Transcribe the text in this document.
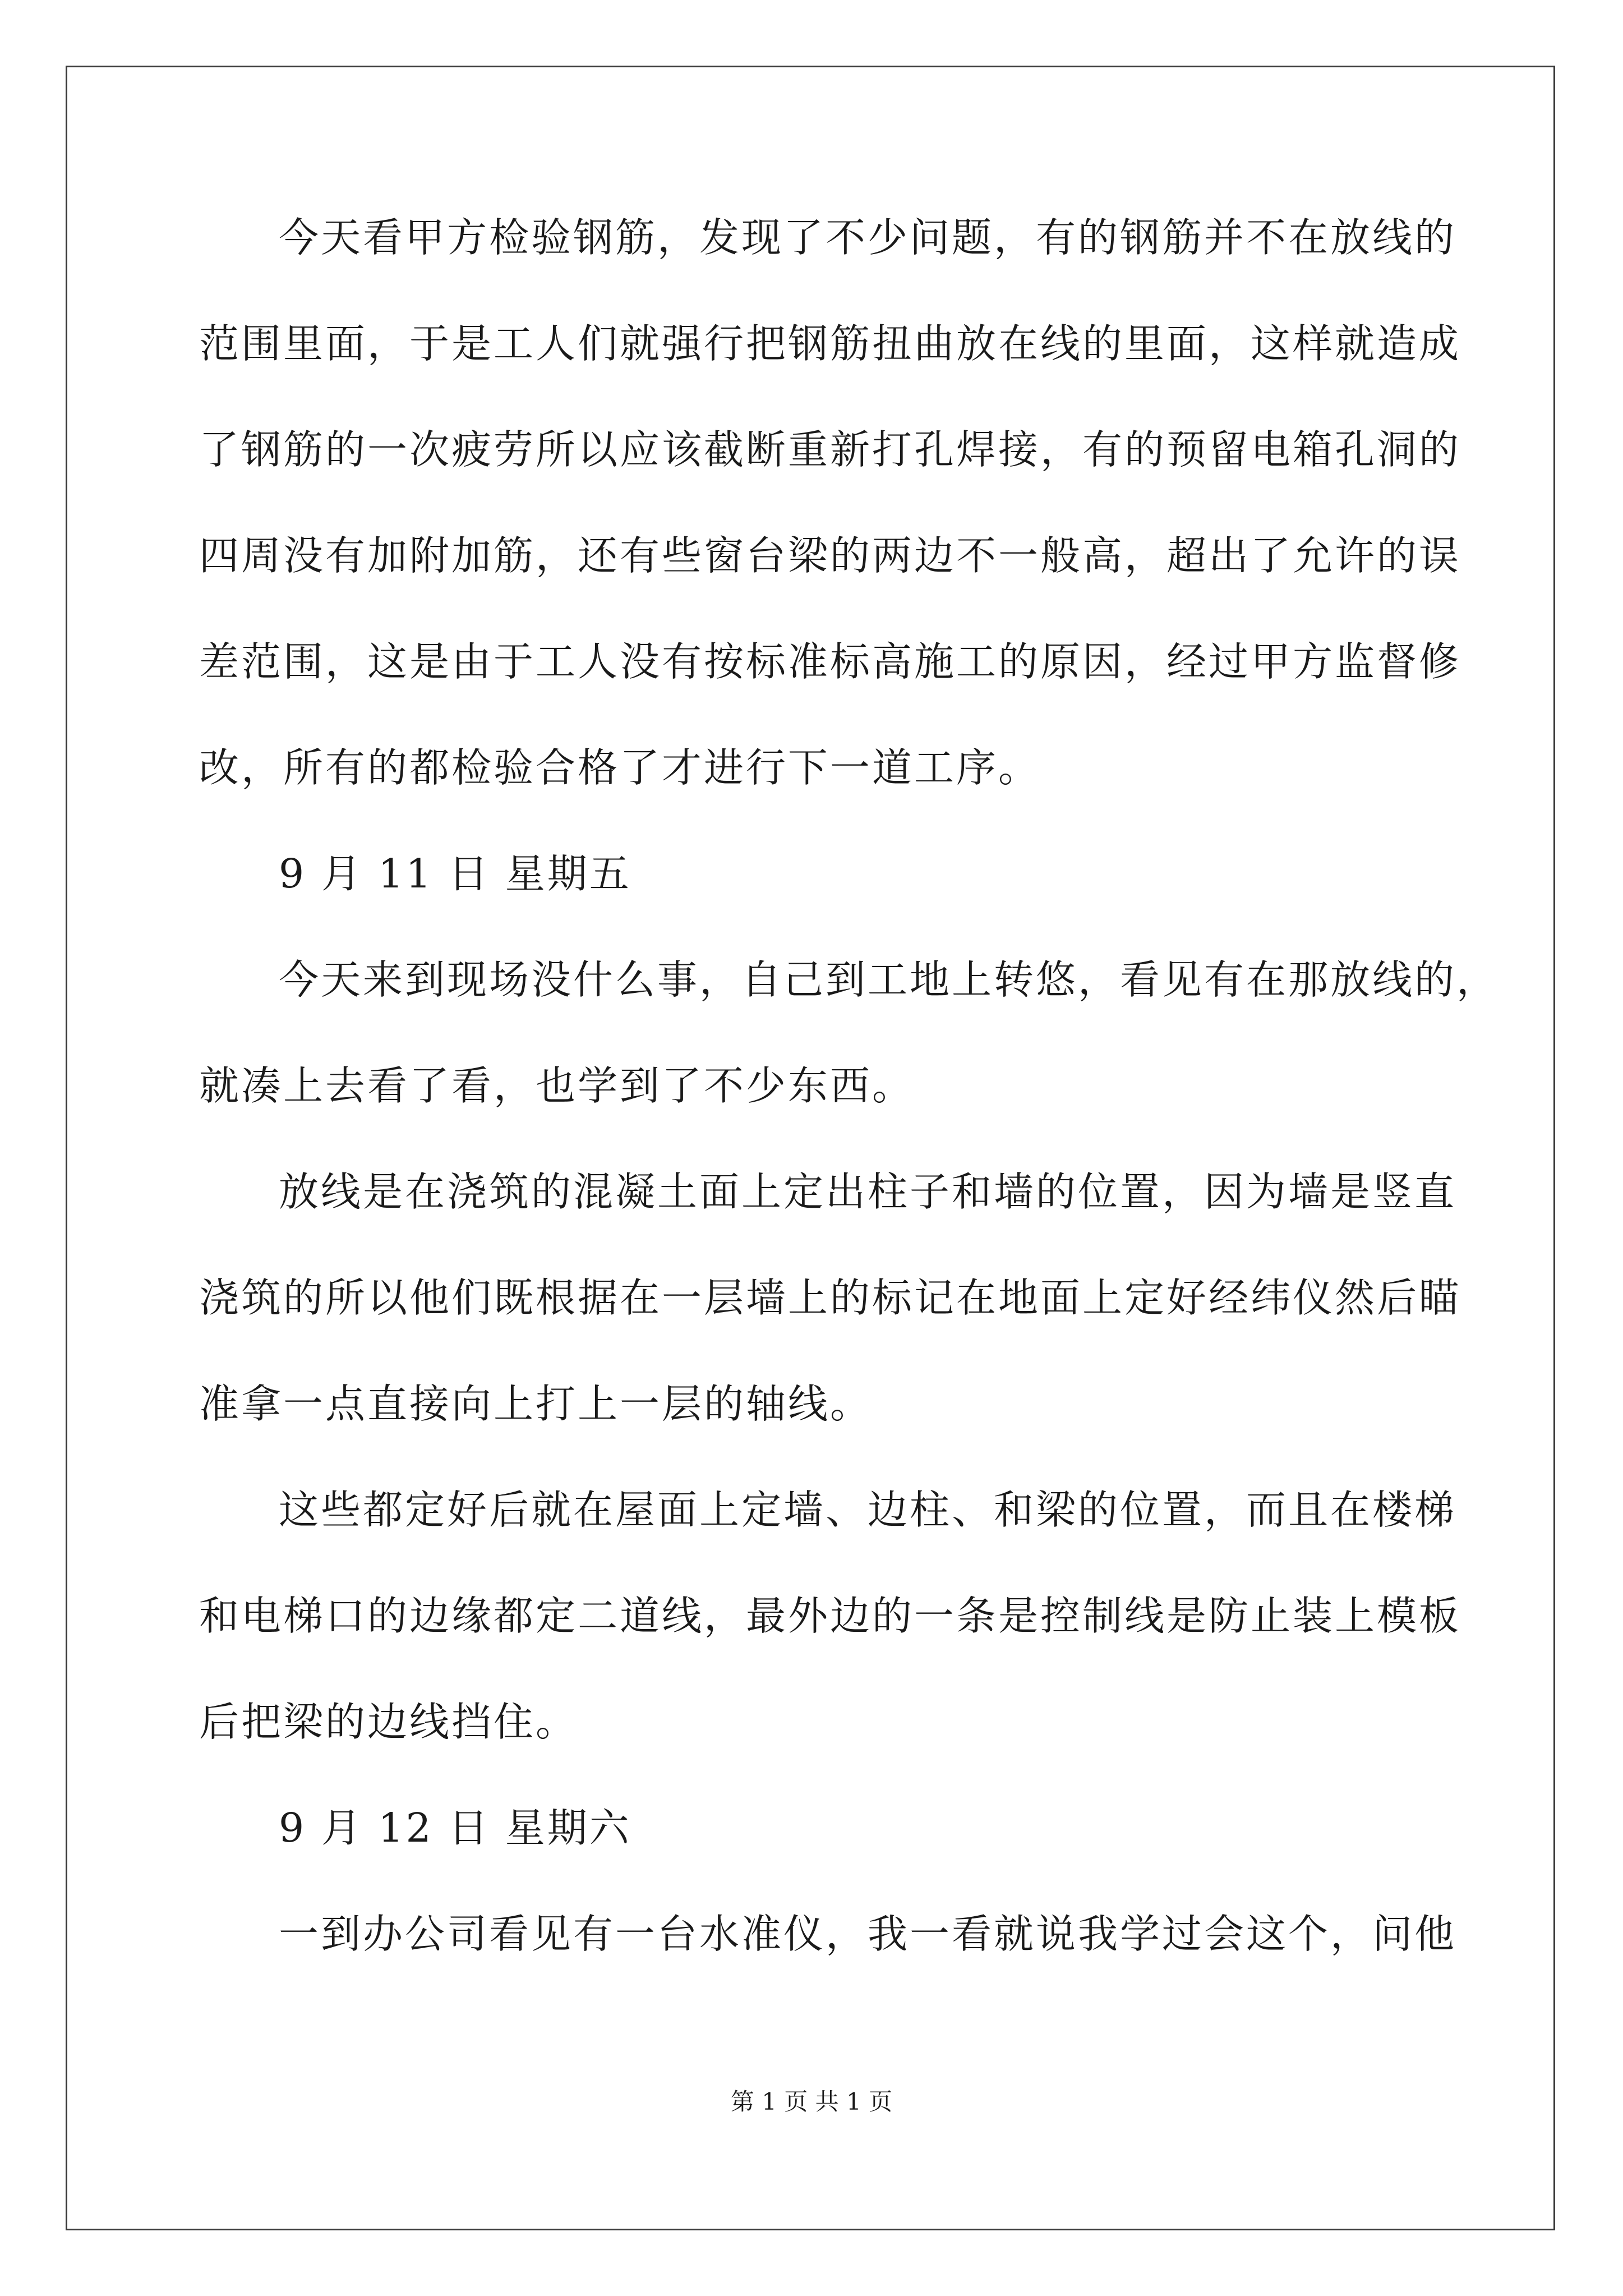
今天看甲方检验钢筋，发现了不少问题，有的钢筋并不在放线的
范围里面，于是工人们就强行把钢筋扭曲放在线的里面，这样就造成
了钢筋的一次疲劳所以应该截断重新打孔焊接，有的预留电箱孔洞的
四周没有加附加筋，还有些窗台梁的两边不一般高，超出了允许的误
差范围，这是由于工人没有按标准标高施工的原因，经过甲方监督修
改，所有的都检验合格了才进行下一道工序。
9 月 11 日 星期五
今天来到现场没什么事，自己到工地上转悠，看见有在那放线的，
就凑上去看了看，也学到了不少东西。
放线是在浇筑的混凝土面上定出柱子和墙的位置，因为墙是竖直
浇筑的所以他们既根据在一层墙上的标记在地面上定好经纬仪然后瞄
准拿一点直接向上打上一层的轴线。
这些都定好后就在屋面上定墙、边柱、和梁的位置，而且在楼梯
和电梯口的边缘都定二道线，最外边的一条是控制线是防止装上模板
后把梁的边线挡住。
9 月 12 日 星期六
一到办公司看见有一台水准仪，我一看就说我学过会这个，问他
第 1 页 共 1 页
